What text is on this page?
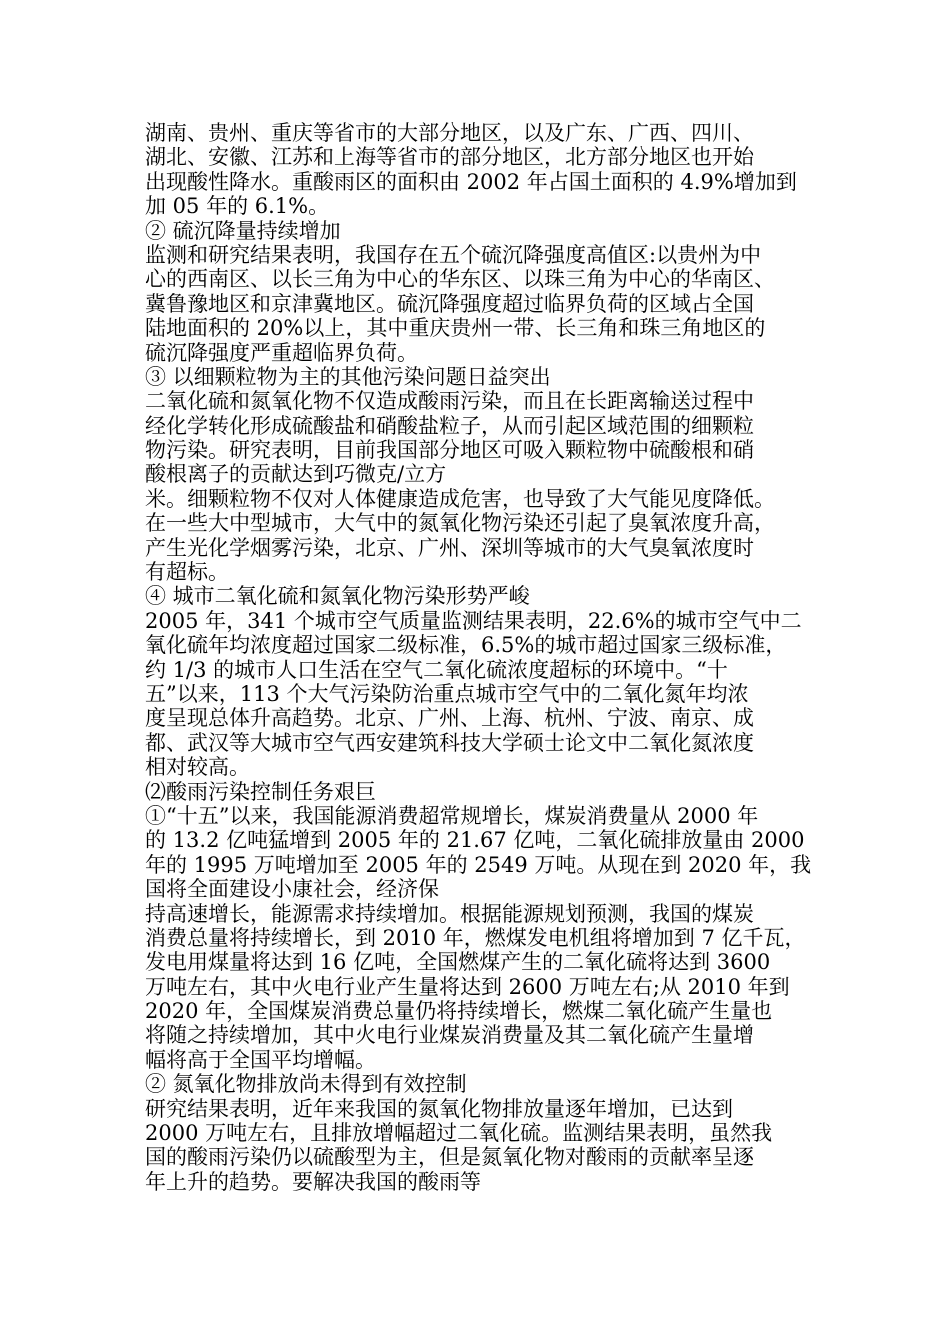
湖南、贵州、重庆等省市的大部分地区，以及广东、广西、四川、
湖北、安徽、江苏和上海等省市的部分地区，北方部分地区也开始
出现酸性降水。重酸雨区的面积由 2002 年占国土面积的 4.9%增加到
加 05 年的 6.1%。
② 硫沉降量持续增加
监测和研究结果表明，我国存在五个硫沉降强度高值区:以贵州为中
心的西南区、以长三角为中心的华东区、以珠三角为中心的华南区、
冀鲁豫地区和京津冀地区。硫沉降强度超过临界负荷的区域占全国
陆地面积的 20%以上，其中重庆贵州一带、长三角和珠三角地区的
硫沉降强度严重超临界负荷。
③ 以细颗粒物为主的其他污染问题日益突出
二氧化硫和氮氧化物不仅造成酸雨污染，而且在长距离输送过程中
经化学转化形成硫酸盐和硝酸盐粒子，从而引起区域范围的细颗粒
物污染。研究表明，目前我国部分地区可吸入颗粒物中硫酸根和硝
酸根离子的贡献达到巧微克/立方
米。细颗粒物不仅对人体健康造成危害，也导致了大气能见度降低。
在一些大中型城市，大气中的氮氧化物污染还引起了臭氧浓度升高，
产生光化学烟雾污染，北京、广州、深圳等城市的大气臭氧浓度时
有超标。
④ 城市二氧化硫和氮氧化物污染形势严峻
2005 年，341 个城市空气质量监测结果表明，22.6%的城市空气中二
氧化硫年均浓度超过国家二级标准，6.5%的城市超过国家三级标准，
约 1/3 的城市人口生活在空气二氧化硫浓度超标的环境中。“十
五”以来，113 个大气污染防治重点城市空气中的二氧化氮年均浓
度呈现总体升高趋势。北京、广州、上海、杭州、宁波、南京、成
都、武汉等大城市空气西安建筑科技大学硕士论文中二氧化氮浓度
相对较高。
⑵酸雨污染控制任务艰巨
①“十五”以来，我国能源消费超常规增长，煤炭消费量从 2000 年
的 13.2 亿吨猛增到 2005 年的 21.67 亿吨，二氧化硫排放量由 2000
年的 1995 万吨增加至 2005 年的 2549 万吨。从现在到 2020 年，我
国将全面建设小康社会，经济保
持高速增长，能源需求持续增加。根据能源规划预测，我国的煤炭
消费总量将持续增长，到 2010 年，燃煤发电机组将增加到 7 亿千瓦，
发电用煤量将达到 16 亿吨，全国燃煤产生的二氧化硫将达到 3600
万吨左右，其中火电行业产生量将达到 2600 万吨左右;从 2010 年到
2020 年，全国煤炭消费总量仍将持续增长，燃煤二氧化硫产生量也
将随之持续增加，其中火电行业煤炭消费量及其二氧化硫产生量增
幅将高于全国平均增幅。
② 氮氧化物排放尚未得到有效控制
研究结果表明，近年来我国的氮氧化物排放量逐年增加，已达到
2000 万吨左右，且排放增幅超过二氧化硫。监测结果表明，虽然我
国的酸雨污染仍以硫酸型为主，但是氮氧化物对酸雨的贡献率呈逐
年上升的趋势。要解决我国的酸雨等
